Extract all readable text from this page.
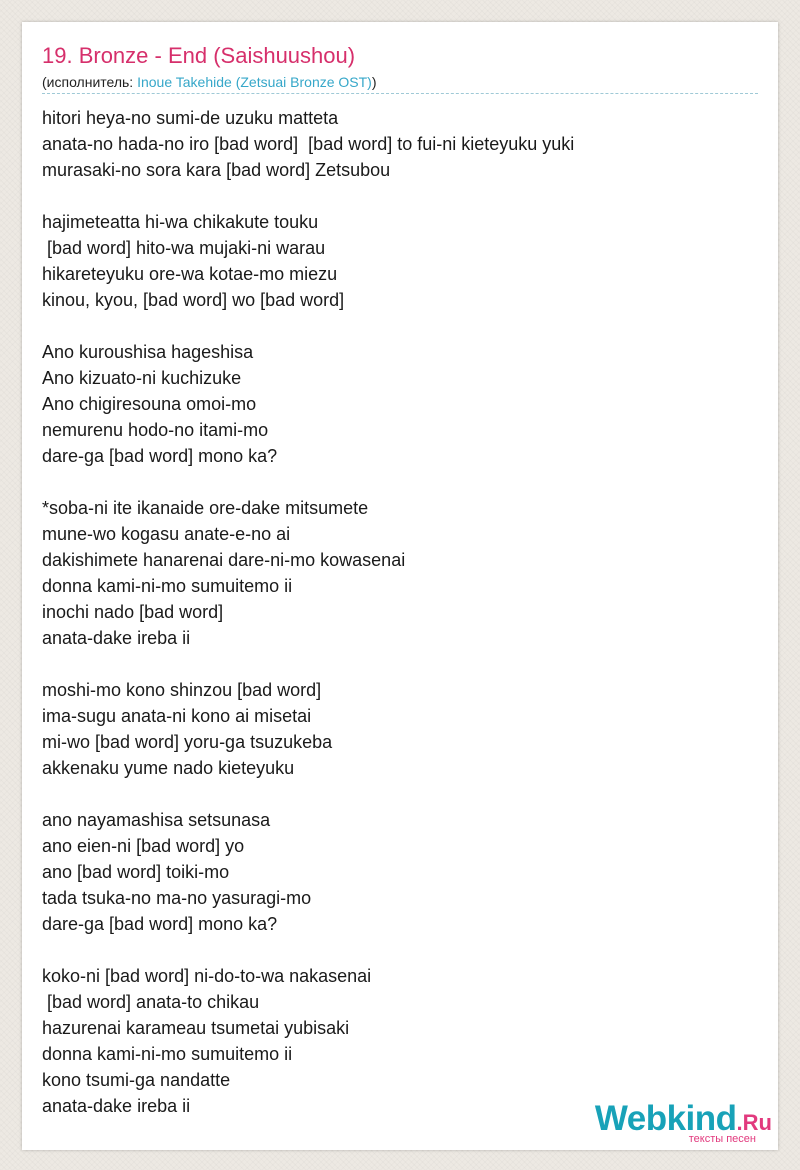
19. Bronze - End (Saishuushou)
(исполнитель: Inoue Takehide (Zetsuai Bronze OST))
hitori heya-no sumi-de uzuku matteta
anata-no hada-no iro [bad word]  [bad word] to fui-ni kieteyuku yuki
murasaki-no sora kara [bad word] Zetsubou
hajimeteatta hi-wa chikakute touku
[bad word] hito-wa mujaki-ni warau
hikareteyuku ore-wa kotae-mo miezu
kinou, kyou, [bad word] wo [bad word]
Ano kuroushisa hageshisa
Ano kizuato-ni kuchizuke
Ano chigiresouna omoi-mo
nemurenu hodo-no itami-mo
dare-ga [bad word] mono ka?
*soba-ni ite ikanaide ore-dake mitsumete
mune-wo kogasu anate-e-no ai
dakishimete hanarenai dare-ni-mo kowasenai
donna kami-ni-mo sumuitemo ii
inochi nado [bad word]
anata-dake ireba ii
moshi-mo kono shinzou [bad word]
ima-sugu anata-ni kono ai misetai
mi-wo [bad word] yoru-ga tsuzukeba
akkenaku yume nado kieteyuku
ano nayamashisa setsunasa
ano eien-ni [bad word] yo
ano [bad word] toiki-mo
tada tsuka-no ma-no yasuragi-mo
dare-ga [bad word] mono ka?
koko-ni [bad word] ni-do-to-wa nakasenai
[bad word] anata-to chikau
hazurenai karameau tsumetai yubisaki
donna kami-ni-mo sumuitemo ii
kono tsumi-ga nandatte
anata-dake ireba ii	Webkind.Ru
тексты песен
